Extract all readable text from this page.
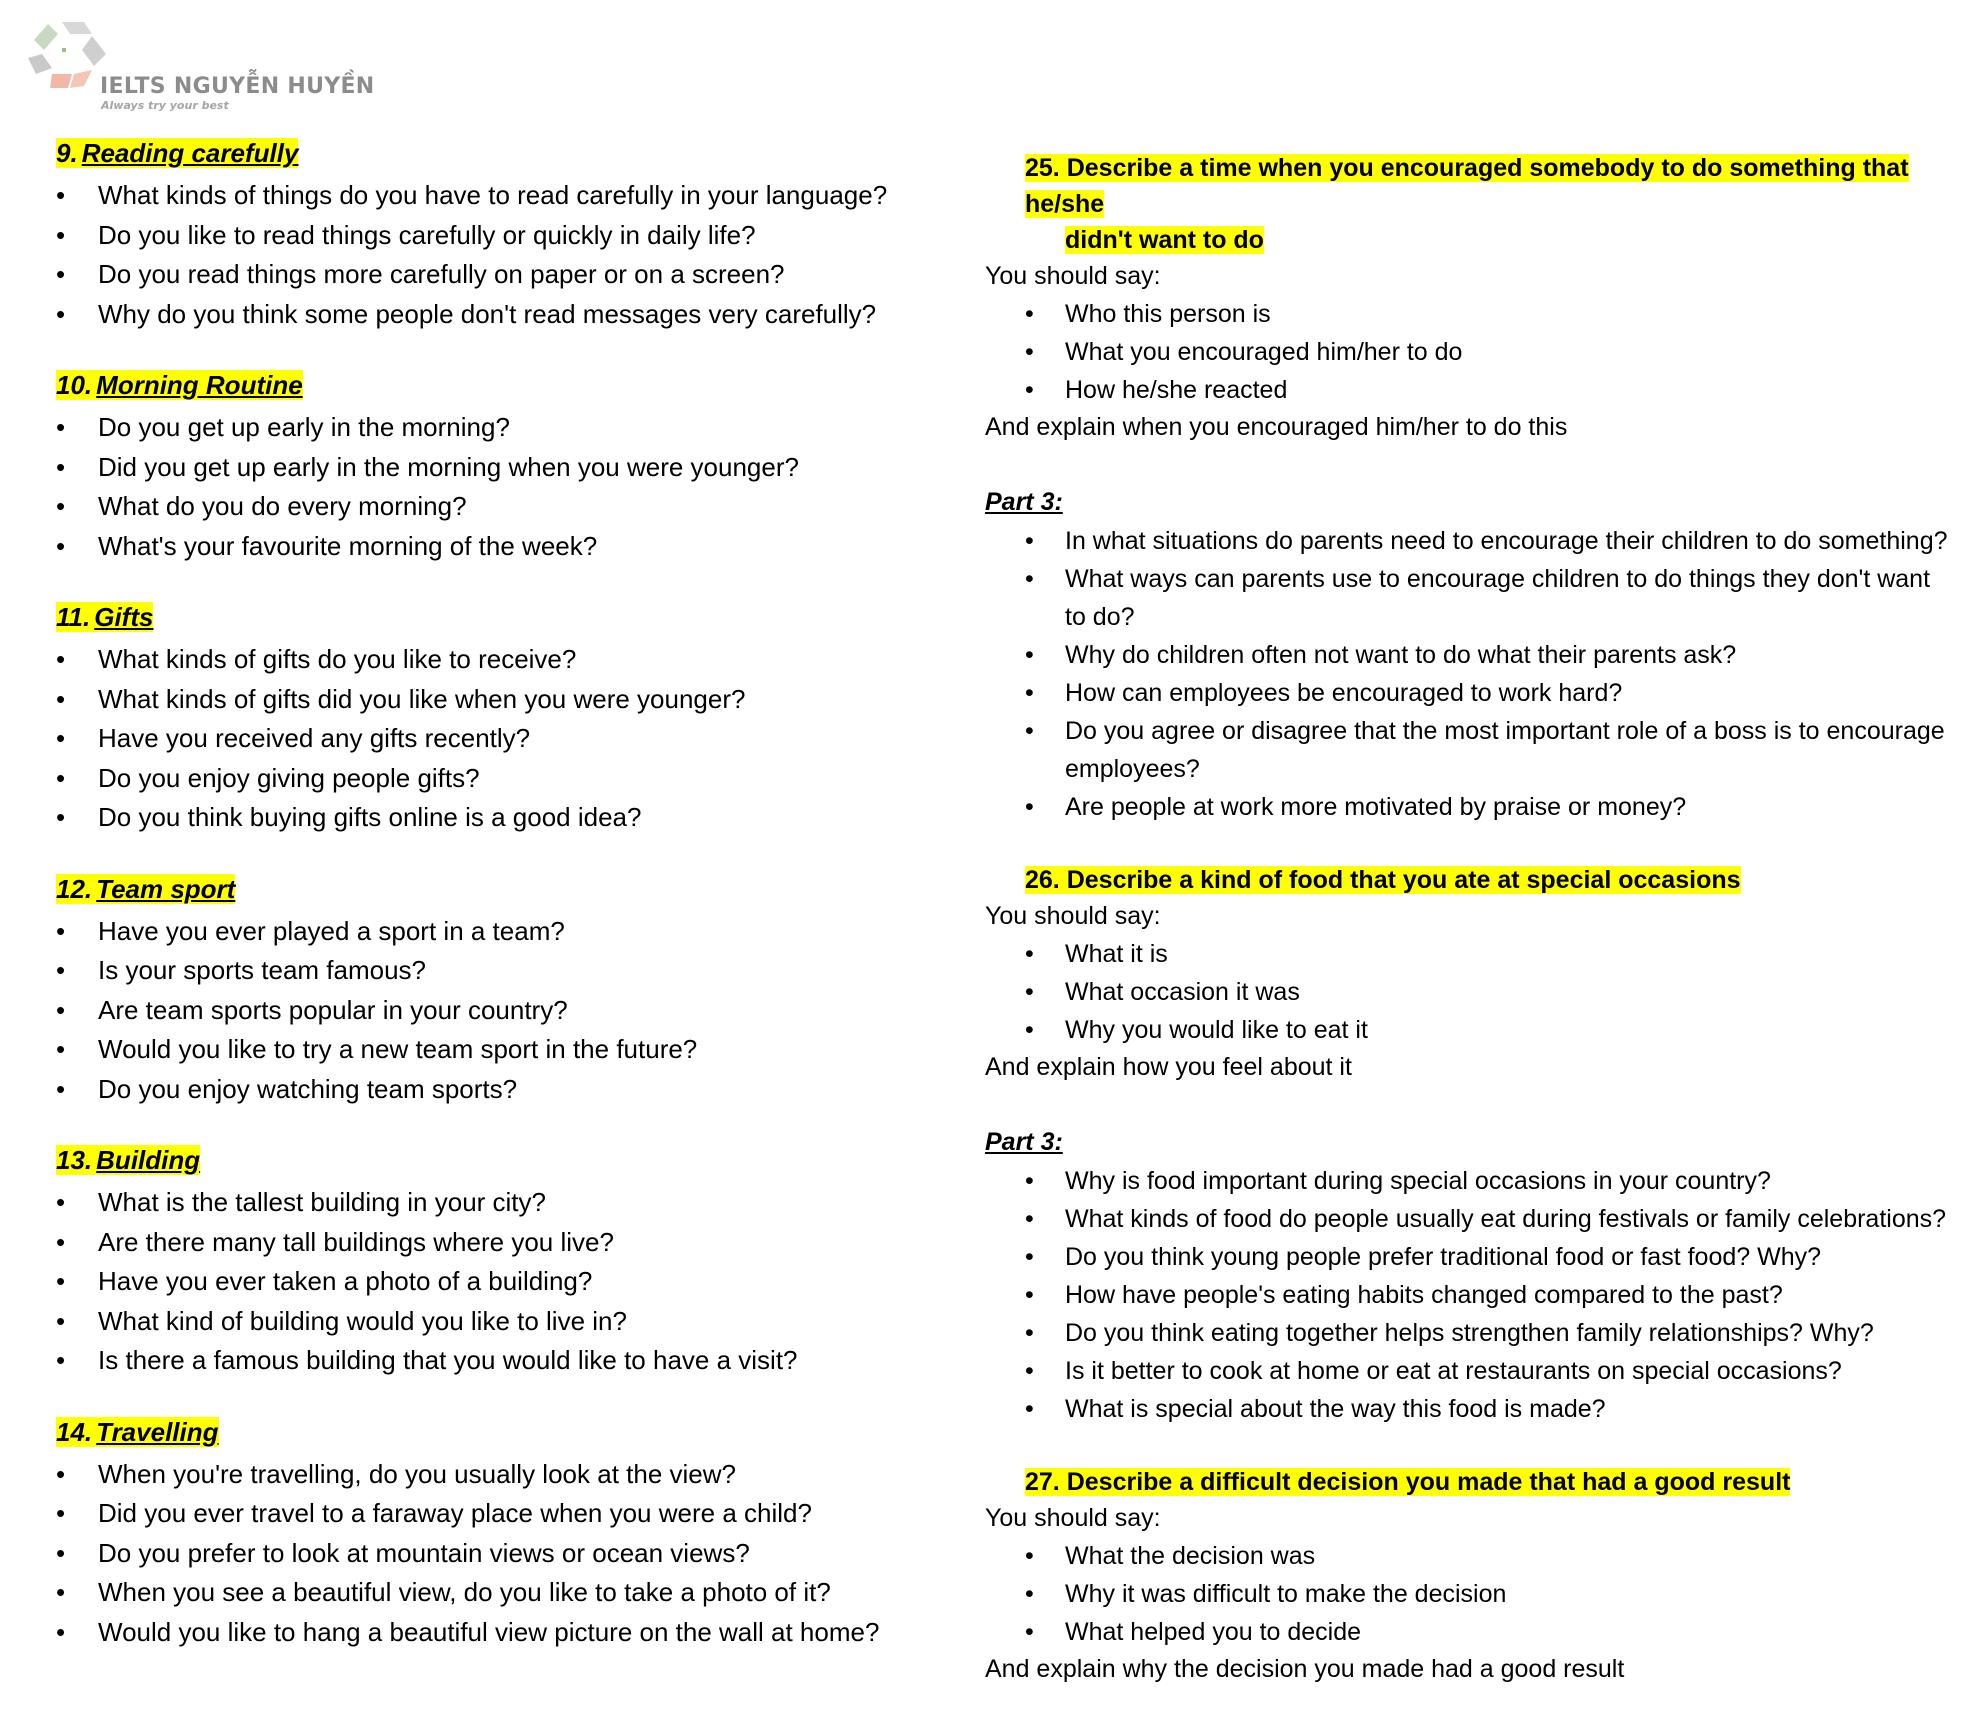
IELTS NGUYỄN HUYỀN
Always try your best
9. Reading carefully
• What kinds of things do you have to read carefully in your language?
• Do you like to read things carefully or quickly in daily life?
• Do you read things more carefully on paper or on a screen?
• Why do you think some people don't read messages very carefully?
10. Morning Routine
• Do you get up early in the morning?
• Did you get up early in the morning when you were younger?
• What do you do every morning?
• What's your favourite morning of the week?
11. Gifts
• What kinds of gifts do you like to receive?
• What kinds of gifts did you like when you were younger?
• Have you received any gifts recently?
• Do you enjoy giving people gifts?
• Do you think buying gifts online is a good idea?
12. Team sport
• Have you ever played a sport in a team?
• Is your sports team famous?
• Are team sports popular in your country?
• Would you like to try a new team sport in the future?
• Do you enjoy watching team sports?
13. Building
• What is the tallest building in your city?
• Are there many tall buildings where you live?
• Have you ever taken a photo of a building?
• What kind of building would you like to live in?
• Is there a famous building that you would like to have a visit?
14. Travelling
• When you're travelling, do you usually look at the view?
• Did you ever travel to a faraway place when you were a child?
• Do you prefer to look at mountain views or ocean views?
• When you see a beautiful view, do you like to take a photo of it?
• Would you like to hang a beautiful view picture on the wall at home?
25. Describe a time when you encouraged somebody to do something that he/she
didn't want to do

You should say:

• Who this person is
• What you encouraged him/her to do
• How he/she reacted

And explain when you encouraged him/her to do this

Part 3:

• In what situations do parents need to encourage their children to do something?
• What ways can parents use to encourage children to do things they don't want to do?
• Why do children often not want to do what their parents ask?
• How can employees be encouraged to work hard?
• Do you agree or disagree that the most important role of a boss is to encourage employees?
• Are people at work more motivated by praise or money?
26. Describe a kind of food that you ate at special occasions

You should say:

• What it is
• What occasion it was
• Why you would like to eat it

And explain how you feel about it

Part 3:

• Why is food important during special occasions in your country?
• What kinds of food do people usually eat during festivals or family celebrations?
• Do you think young people prefer traditional food or fast food? Why?
• How have people's eating habits changed compared to the past?
• Do you think eating together helps strengthen family relationships? Why?
• Is it better to cook at home or eat at restaurants on special occasions?
• What is special about the way this food is made?
27. Describe a difficult decision you made that had a good result

You should say:

• What the decision was
• Why it was difficult to make the decision
• What helped you to decide

And explain why the decision you made had a good result
